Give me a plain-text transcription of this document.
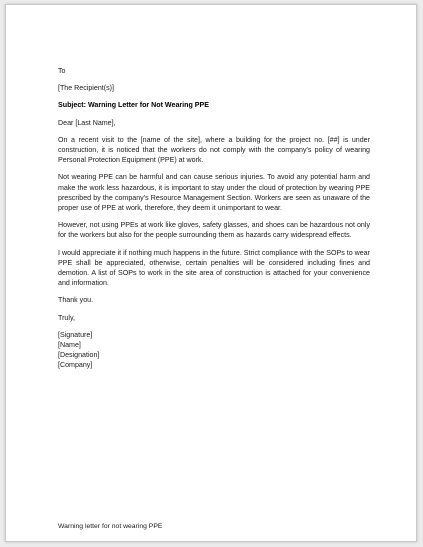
To

[The Recipient(s)]

Subject: Warning Letter for Not Wearing PPE

Dear [Last Name],

On a recent visit to the [name of the site], where a building for the project no. [##] is under construction, it is noticed that the workers do not comply with the company's policy of wearing Personal Protection Equipment (PPE) at work.

Not wearing PPE can be harmful and can cause serious injuries. To avoid any potential harm and make the work less hazardous, it is important to stay under the cloud of protection by wearing PPE prescribed by the company's Resource Management Section. Workers are seen as unaware of the proper use of PPE at work, therefore, they deem it unimportant to wear.

However, not using PPEs at work like gloves, safety glasses, and shoes can be hazardous not only for the workers but also for the people surrounding them as hazards carry widespread effects.

I would appreciate it if nothing much happens in the future. Strict compliance with the SOPs to wear PPE shall be appreciated, otherwise, certain penalties will be considered including fines and demotion. A list of SOPs to work in the site area of construction is attached for your convenience and information.

Thank you.

Truly,

[Signature]

[Name]

[Designation]

[Company]

Warning letter for not wearing PPE
